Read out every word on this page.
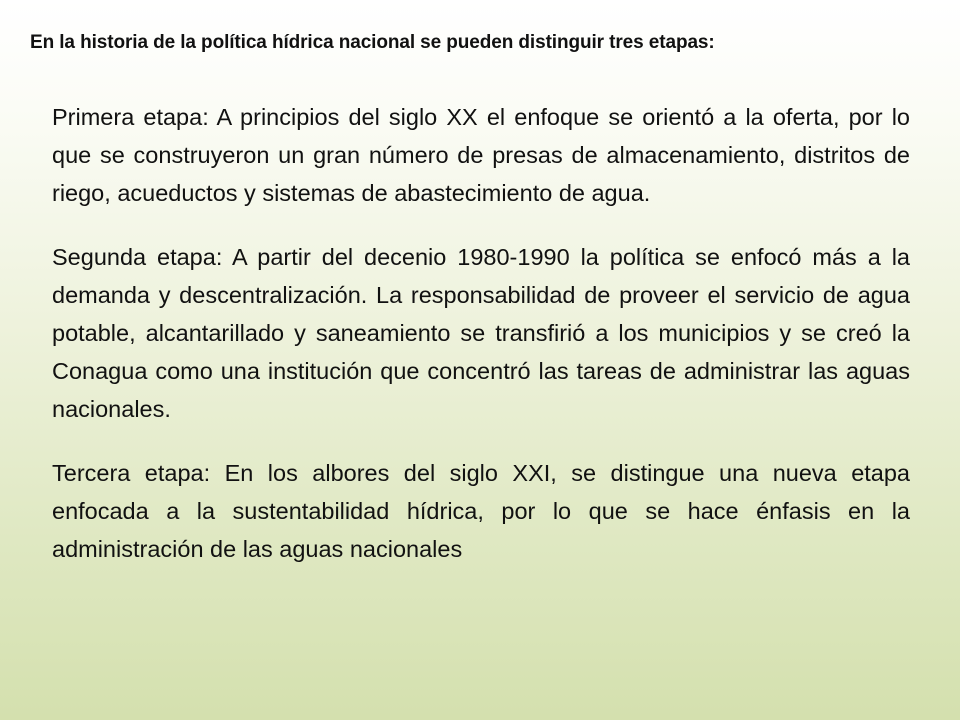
En la historia de la política hídrica nacional se pueden distinguir tres etapas:

Primera etapa: A principios del siglo XX el enfoque se orientó a la oferta, por lo que se construyeron un gran número de presas de almacenamiento, distritos de riego, acueductos y sistemas de abastecimiento de agua.

Segunda etapa: A partir del decenio 1980-1990 la política se enfocó más a la demanda y descentralización. La responsabilidad de proveer el servicio de agua potable, alcantarillado y saneamiento se transfirió a los municipios y se creó la Conagua como una institución que concentró las tareas de administrar las aguas nacionales.

Tercera etapa: En los albores del siglo XXI, se distingue una nueva etapa enfocada a la sustentabilidad hídrica, por lo que se hace énfasis en la administración de las aguas nacionales
